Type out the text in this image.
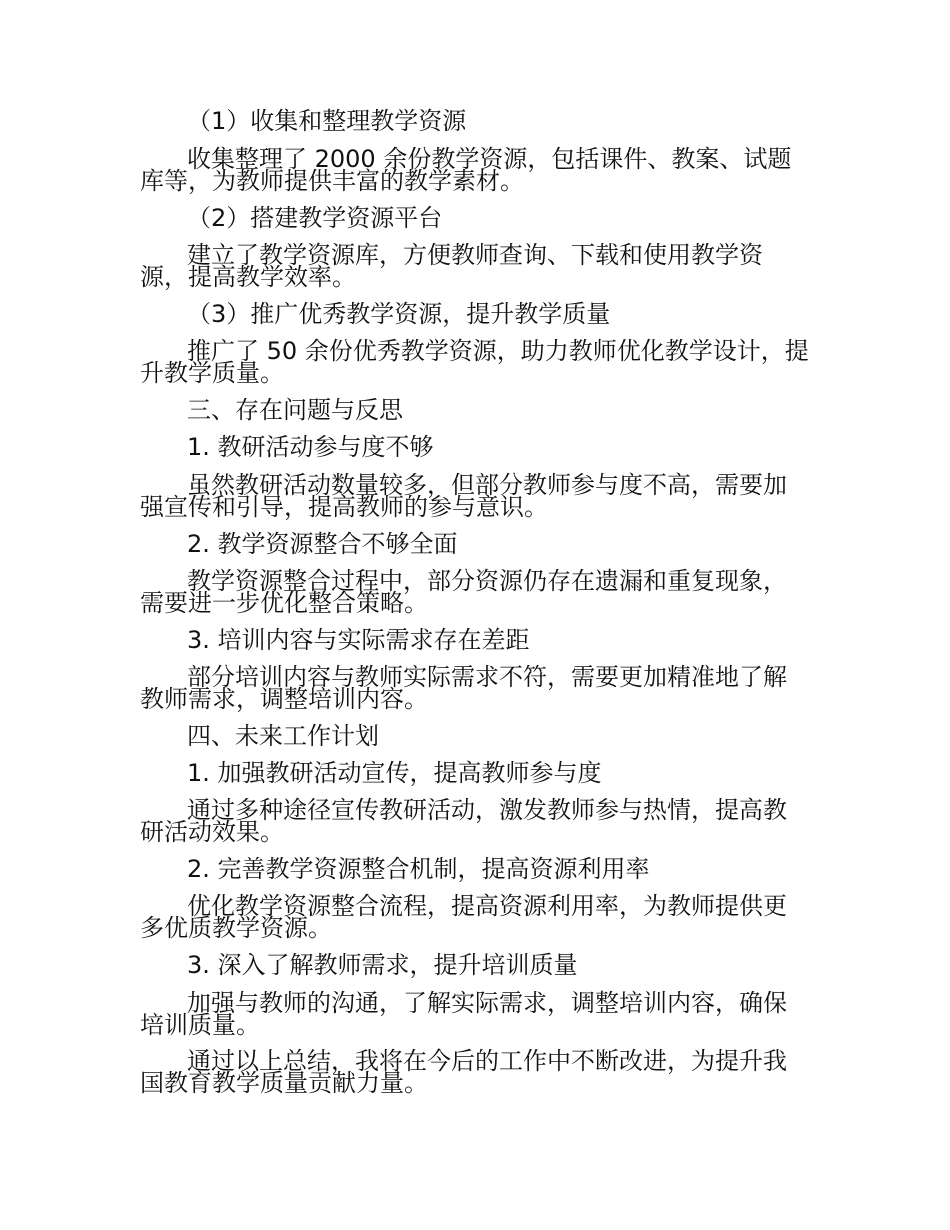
（1）收集和整理教学资源
收集整理了 2000 余份教学资源，包括课件、教案、试题库等，为教师提供丰富的教学素材。
（2）搭建教学资源平台
建立了教学资源库，方便教师查询、下载和使用教学资源，提高教学效率。
（3）推广优秀教学资源，提升教学质量
推广了 50 余份优秀教学资源，助力教师优化教学设计，提升教学质量。
三、存在问题与反思
1. 教研活动参与度不够
虽然教研活动数量较多，但部分教师参与度不高，需要加强宣传和引导，提高教师的参与意识。
2. 教学资源整合不够全面
教学资源整合过程中，部分资源仍存在遗漏和重复现象，需要进一步优化整合策略。
3. 培训内容与实际需求存在差距
部分培训内容与教师实际需求不符，需要更加精准地了解教师需求，调整培训内容。
四、未来工作计划
1. 加强教研活动宣传，提高教师参与度
通过多种途径宣传教研活动，激发教师参与热情，提高教研活动效果。
2. 完善教学资源整合机制，提高资源利用率
优化教学资源整合流程，提高资源利用率，为教师提供更多优质教学资源。
3. 深入了解教师需求，提升培训质量
加强与教师的沟通，了解实际需求，调整培训内容，确保培训质量。
通过以上总结，我将在今后的工作中不断改进，为提升我国教育教学质量贡献力量。
